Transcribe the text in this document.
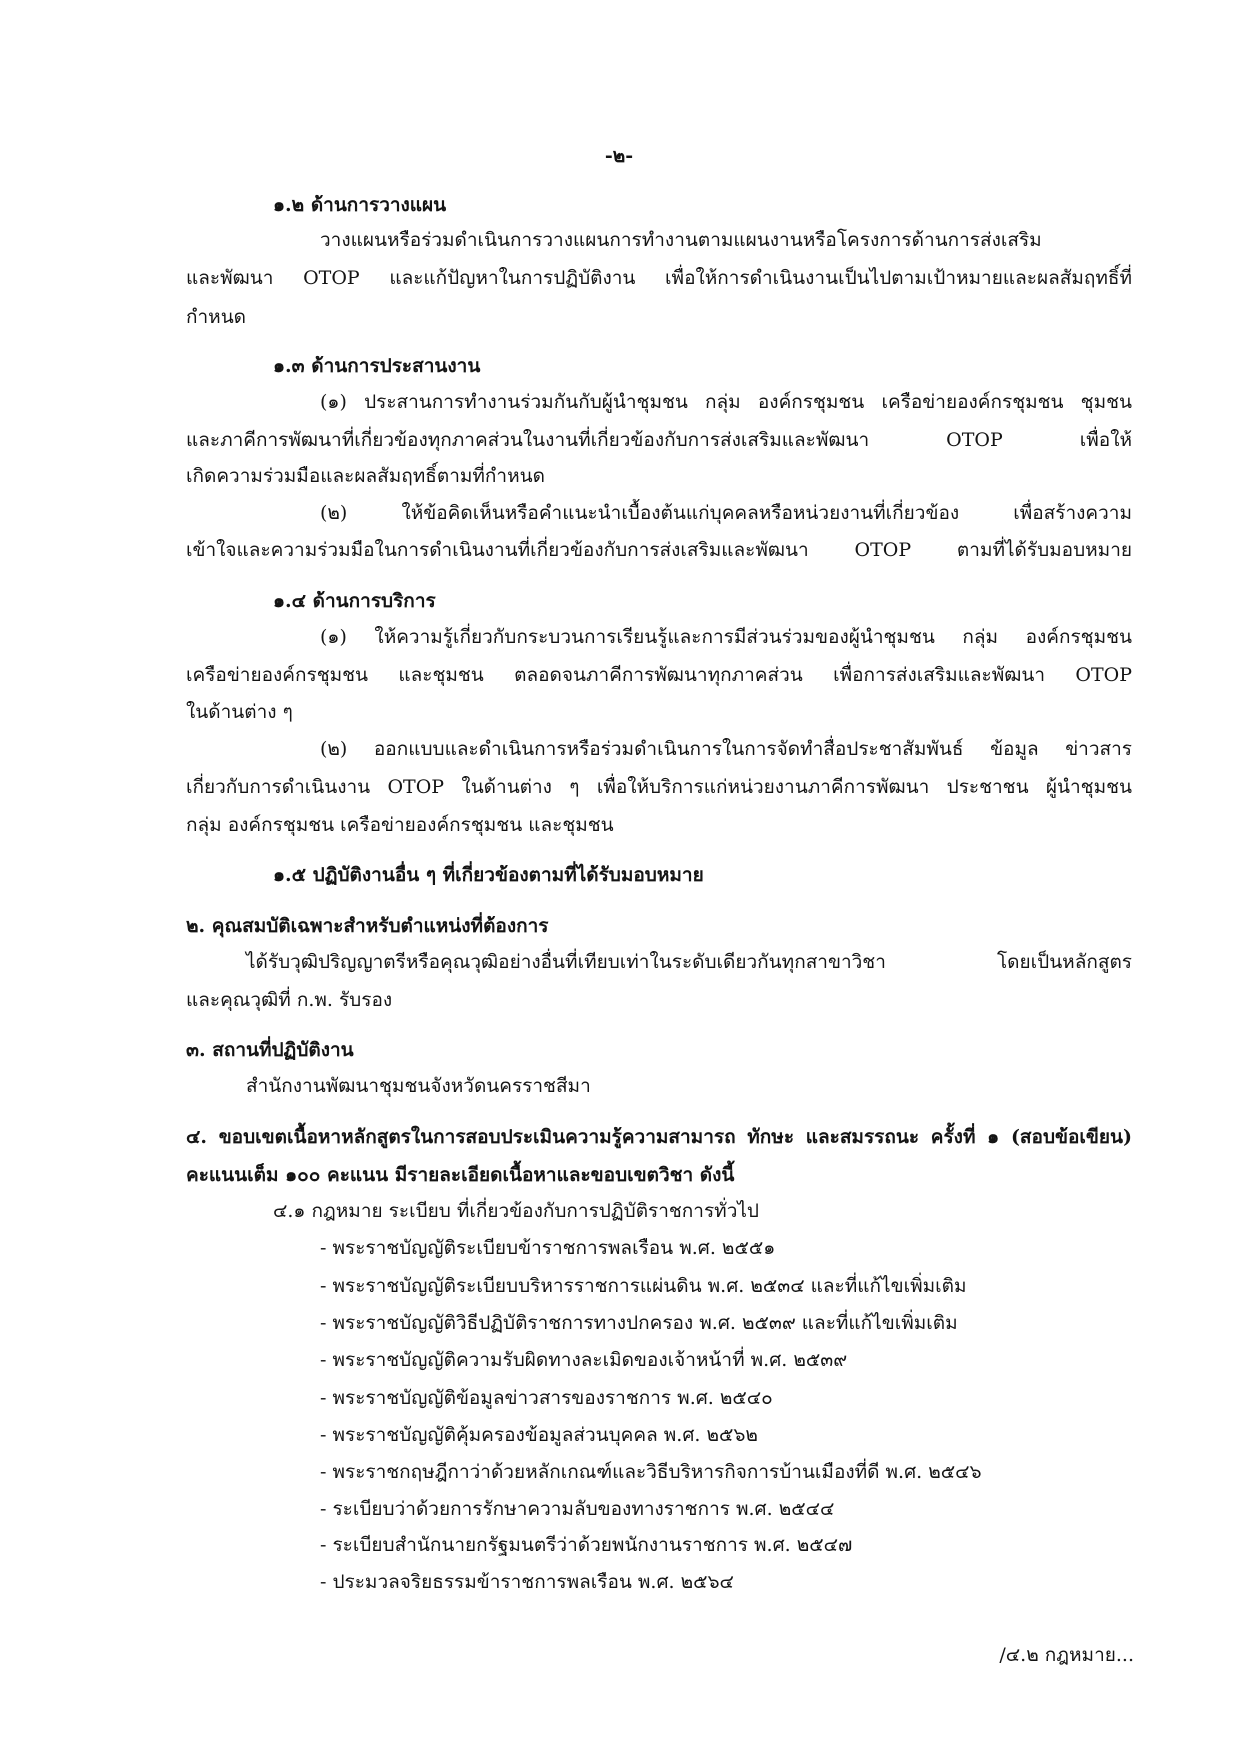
-๒-
๑.๒ ด้านการวางแผน
วางแผนหรือร่วมดำเนินการวางแผนการทำงานตามแผนงานหรือโครงการด้านการส่งเสริม
และพัฒนา OTOP และแก้ปัญหาในการปฏิบัติงาน เพื่อให้การดำเนินงานเป็นไปตามเป้าหมายและผลสัมฤทธิ์ที่
กำหนด
๑.๓ ด้านการประสานงาน
(๑) ประสานการทำงานร่วมกันกับผู้นำชุมชน กลุ่ม องค์กรชุมชน เครือข่ายองค์กรชุมชน ชุมชน
และภาคีการพัฒนาที่เกี่ยวข้องทุกภาคส่วนในงานที่เกี่ยวข้องกับการส่งเสริมและพัฒนา OTOP เพื่อให้
เกิดความร่วมมือและผลสัมฤทธิ์ตามที่กำหนด
(๒) ให้ข้อคิดเห็นหรือคำแนะนำเบื้องต้นแก่บุคคลหรือหน่วยงานที่เกี่ยวข้อง เพื่อสร้างความ
เข้าใจและความร่วมมือในการดำเนินงานที่เกี่ยวข้องกับการส่งเสริมและพัฒนา OTOP ตามที่ได้รับมอบหมาย
๑.๔ ด้านการบริการ
(๑) ให้ความรู้เกี่ยวกับกระบวนการเรียนรู้และการมีส่วนร่วมของผู้นำชุมชน กลุ่ม องค์กรชุมชน
เครือข่ายองค์กรชุมชน และชุมชน ตลอดจนภาคีการพัฒนาทุกภาคส่วน เพื่อการส่งเสริมและพัฒนา OTOP
ในด้านต่าง ๆ
(๒) ออกแบบและดำเนินการหรือร่วมดำเนินการในการจัดทำสื่อประชาสัมพันธ์ ข้อมูล ข่าวสาร
เกี่ยวกับการดำเนินงาน OTOP ในด้านต่าง ๆ เพื่อให้บริการแก่หน่วยงานภาคีการพัฒนา ประชาชน ผู้นำชุมชน
กลุ่ม องค์กรชุมชน เครือข่ายองค์กรชุมชน และชุมชน
๑.๕ ปฏิบัติงานอื่น ๆ ที่เกี่ยวข้องตามที่ได้รับมอบหมาย
๒. คุณสมบัติเฉพาะสำหรับตำแหน่งที่ต้องการ
ได้รับวุฒิปริญญาตรีหรือคุณวุฒิอย่างอื่นที่เทียบเท่าในระดับเดียวกันทุกสาขาวิชา โดยเป็นหลักสูตร
และคุณวุฒิที่ ก.พ. รับรอง
๓. สถานที่ปฏิบัติงาน
สำนักงานพัฒนาชุมชนจังหวัดนครราชสีมา
๔. ขอบเขตเนื้อหาหลักสูตรในการสอบประเมินความรู้ความสามารถ ทักษะ และสมรรถนะ ครั้งที่ ๑ (สอบข้อเขียน)
คะแนนเต็ม ๑๐๐ คะแนน มีรายละเอียดเนื้อหาและขอบเขตวิชา ดังนี้
๔.๑ กฎหมาย ระเบียบ ที่เกี่ยวข้องกับการปฏิบัติราชการทั่วไป
- พระราชบัญญัติระเบียบข้าราชการพลเรือน พ.ศ. ๒๕๕๑
- พระราชบัญญัติระเบียบบริหารราชการแผ่นดิน พ.ศ. ๒๕๓๔ และที่แก้ไขเพิ่มเติม
- พระราชบัญญัติวิธีปฏิบัติราชการทางปกครอง พ.ศ. ๒๕๓๙ และที่แก้ไขเพิ่มเติม
- พระราชบัญญัติความรับผิดทางละเมิดของเจ้าหน้าที่ พ.ศ. ๒๕๓๙
- พระราชบัญญัติข้อมูลข่าวสารของราชการ พ.ศ. ๒๕๔๐
- พระราชบัญญัติคุ้มครองข้อมูลส่วนบุคคล พ.ศ. ๒๕๖๒
- พระราชกฤษฎีกาว่าด้วยหลักเกณฑ์และวิธีบริหารกิจการบ้านเมืองที่ดี พ.ศ. ๒๕๔๖
- ระเบียบว่าด้วยการรักษาความลับของทางราชการ พ.ศ. ๒๕๔๔
- ระเบียบสำนักนายกรัฐมนตรีว่าด้วยพนักงานราชการ พ.ศ. ๒๕๔๗
- ประมวลจริยธรรมข้าราชการพลเรือน พ.ศ. ๒๕๖๔
/๔.๒ กฎหมาย...
